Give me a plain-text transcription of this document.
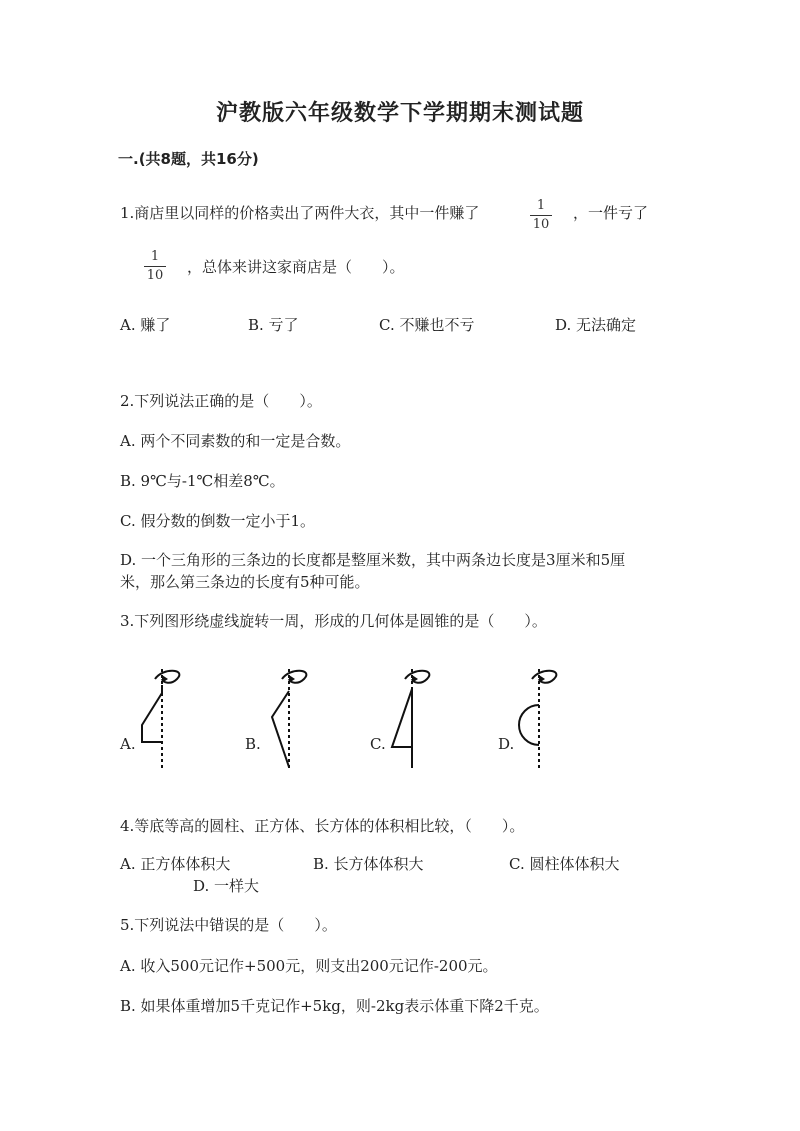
沪教版六年级数学下学期期末测试题
一.(共8题，共16分)
1.商店里以同样的价格卖出了两件大衣，其中一件赚了	1
10
，一件亏了
1
10	，总体来讲这家商店是（　　）。
A. 赚了	B. 亏了	C. 不赚也不亏	D. 无法确定
2.下列说法正确的是（　　）。
A. 两个不同素数的和一定是合数。
B. 9℃与-1℃相差8℃。
C. 假分数的倒数一定小于1。
D. 一个三角形的三条边的长度都是整厘米数，其中两条边长度是3厘米和5厘
米，那么第三条边的长度有5种可能。
3.下列图形绕虚线旋转一周，形成的几何体是圆锥的是（　　）。
A.	B.	C.	D.
4.等底等高的圆柱、正方体、长方体的体积相比较，（　　）。
A. 正方体体积大	B. 长方体体积大	C. 圆柱体体积大
D. 一样大
5.下列说法中错误的是（　　）。
A. 收入500元记作+500元，则支出200元记作-200元。
B. 如果体重增加5千克记作+5kg，则-2kg表示体重下降2千克。
